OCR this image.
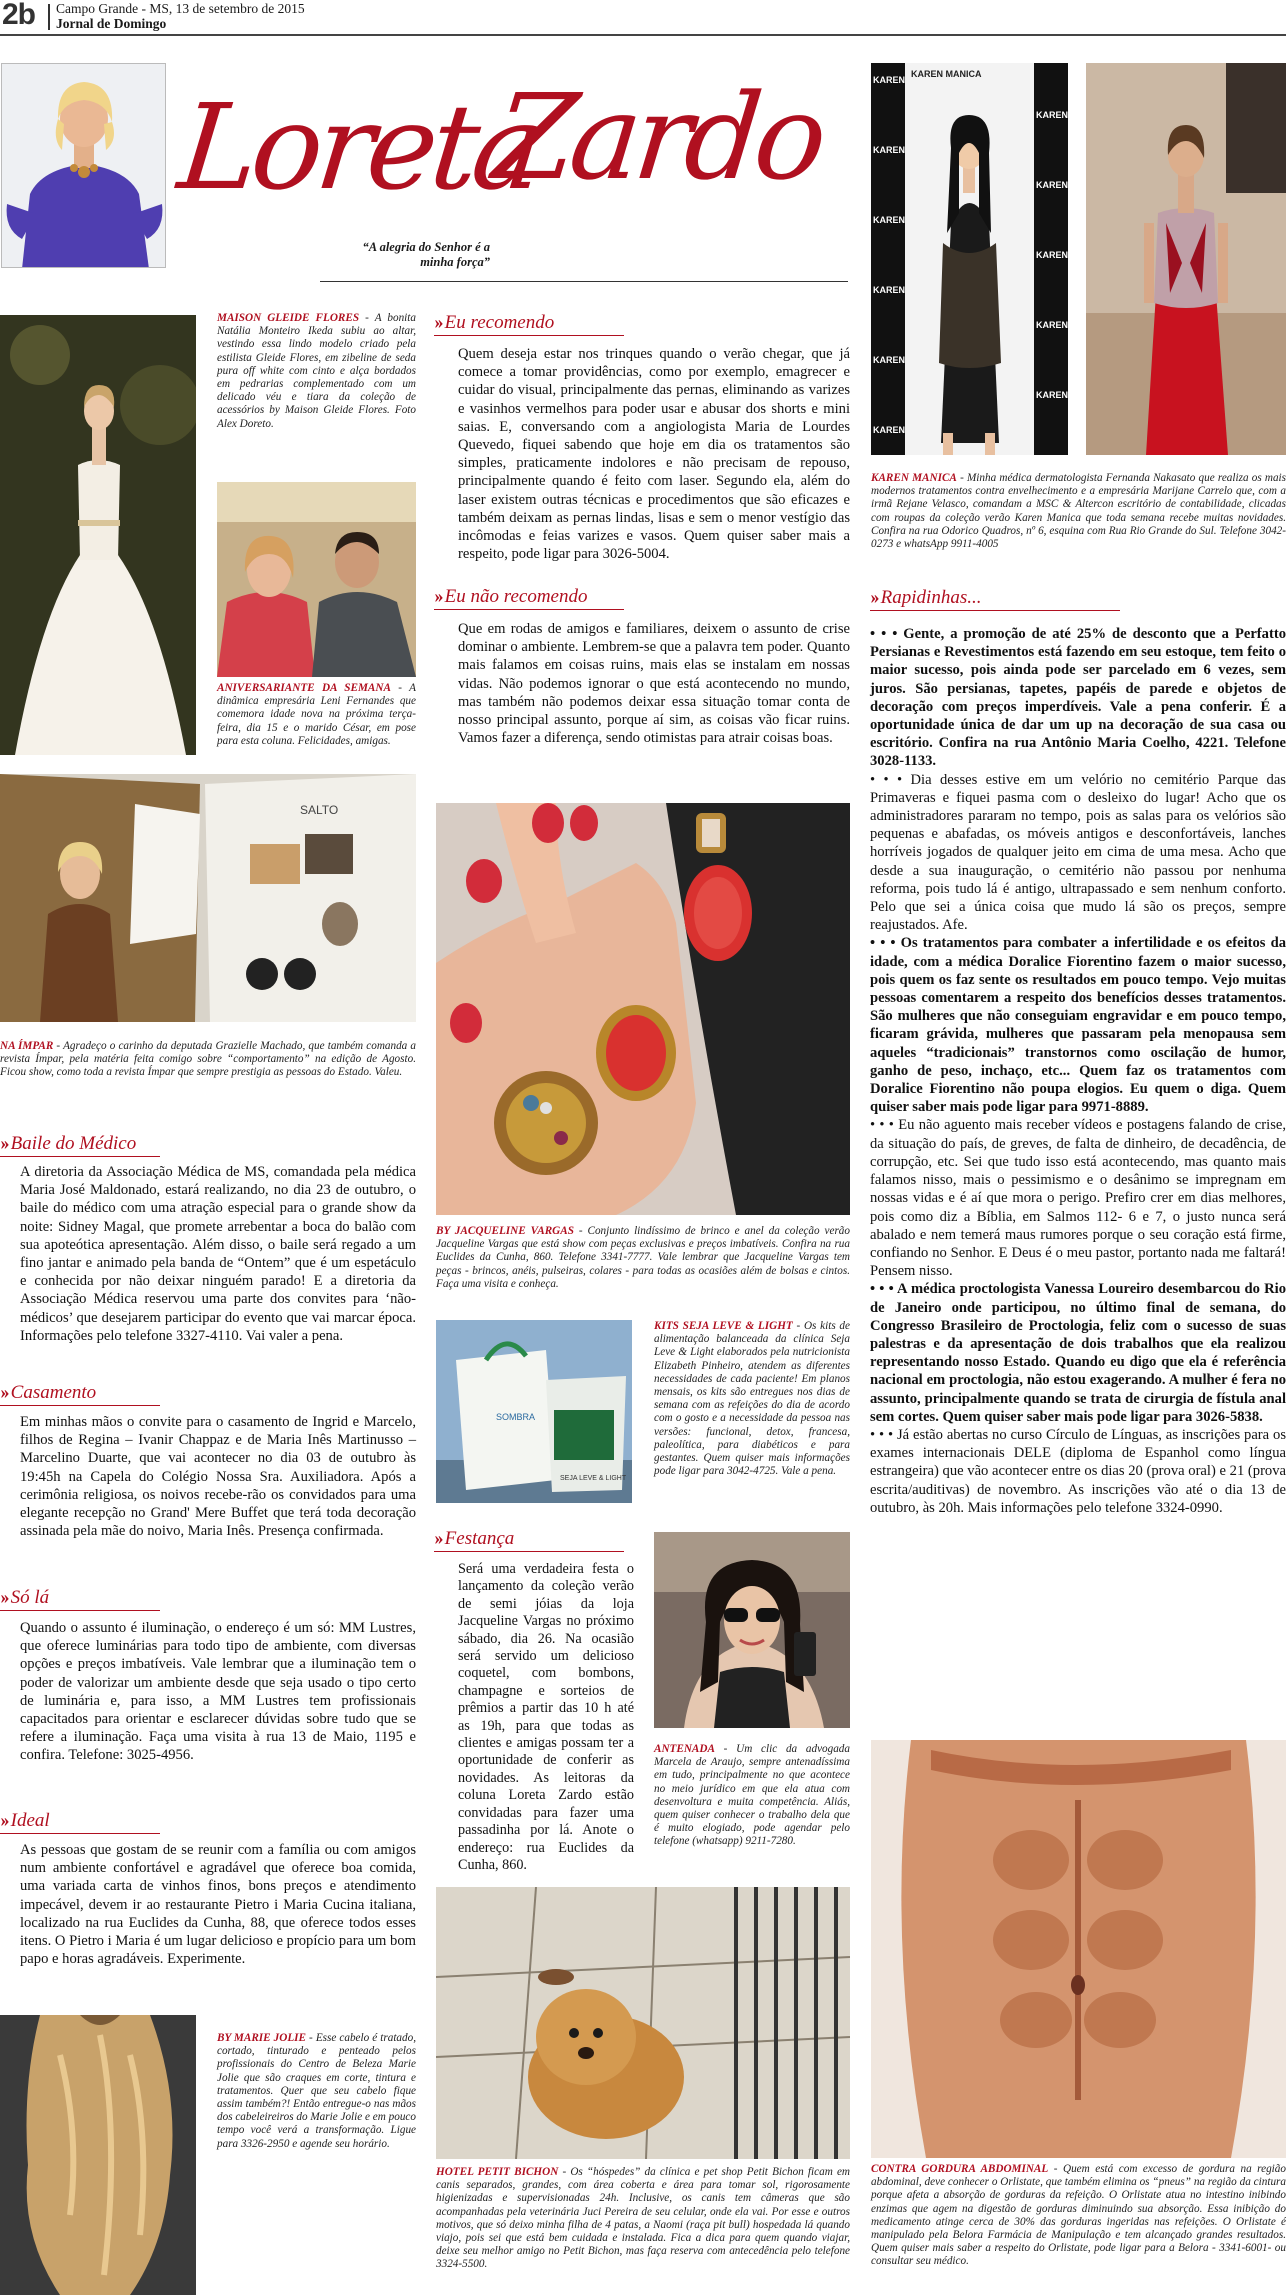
2b Campo Grande - MS, 13 de setembro de 2015
Jornal de Domingo
Loreta
Zardo
“A alegria do Senhor é a
minha força”
KAREN
KAREN
KAREN
KAREN
KAREN
KAREN
KAREN
KAREN
KAREN
KAREN
KAREN
KAREN MANICA
KAREN MANICA - Minha médica dermatologista Fernanda Nakasato que realiza os mais modernos tratamentos contra envelhecimento e a empresária Marijane Carrelo que, com a irmã Rejane Velasco, comandam a MSC & Altercon escritório de contabilidade, clicadas com roupas da coleção verão Karen Manica que toda semana recebe muitas novidades. Confira na rua Odorico Quadros, nº 6, esquina com Rua Rio Grande do Sul. Telefone 3042-0273 e whatsApp 9911-4005
MAISON GLEIDE FLORES - A bonita Natália Monteiro Ikeda subiu ao altar, vestindo essa lindo modelo criado pela estilista Gleide Flores, em zibeline de seda pura off white com cinto e alça bordados em pedrarias complementado com um delicado véu e tiara da coleção de acessórios by Maison Gleide Flores. Foto Alex Doreto.
ANIVERSARIANTE DA SEMANA - A dinâmica empresária Leni Fernandes que comemora idade nova na próxima terça-feira, dia 15 e o marido César, em pose para esta coluna. Felicidades, amigas.
SALTO
NA ÍMPAR - Agradeço o carinho da deputada Grazielle Machado, que também comanda a revista Ímpar, pela matéria feita comigo sobre “comportamento” na edição de Agosto. Ficou show, como toda a revista Ímpar que sempre prestigia as pessoas do Estado. Valeu.
›› Baile do Médico
A diretoria da Associação Médica de MS, comandada pela médica Maria José Maldonado, estará realizando, no dia 23 de outubro, o baile do médico com uma atração especial para o grande show da noite: Sidney Magal, que promete arrebentar a boca do balão com sua apoteótica apresentação. Além disso, o baile será regado a um fino jantar e animado pela banda de “Ontem” que é um espetáculo e conhecida por não deixar ninguém parado! E a diretoria da Associação Médica reservou uma parte dos convites para ‘não-médicos’ que desejarem participar do evento que vai marcar época. Informações pelo telefone 3327-4110. Vai valer a pena.
›› Casamento
Em minhas mãos o convite para o casamento de Ingrid e Marcelo, filhos de Regina – Ivanir Chappaz e de Maria Inês Martinusso – Marcelino Duarte, que vai acontecer no dia 03 de outubro às 19:45h na Capela do Colégio Nossa Sra. Auxiliadora. Após a cerimônia religiosa, os noivos recebe-rão os convidados para uma elegante recepção no Grand' Mere Buffet que terá toda decoração assinada pela mãe do noivo, Maria Inês. Presença confirmada.
›› Só lá
Quando o assunto é iluminação, o endereço é um só: MM Lustres, que oferece luminárias para todo tipo de ambiente, com diversas opções e preços imbatíveis. Vale lembrar que a iluminação tem o poder de valorizar um ambiente desde que seja usado o tipo certo de luminária e, para isso, a MM Lustres tem profissionais capacitados para orientar e esclarecer dúvidas sobre tudo que se refere a iluminação. Faça uma visita à rua 13 de Maio, 1195 e confira. Telefone: 3025-4956.
›› Ideal
As pessoas que gostam de se reunir com a família ou com amigos num ambiente confortável e agradável que oferece boa comida, uma variada carta de vinhos finos, bons preços e atendimento impecável, devem ir ao restaurante Pietro i Maria Cucina italiana, localizado na rua Euclides da Cunha, 88, que oferece todos esses itens. O Pietro i Maria é um lugar delicioso e propício para um bom papo e horas agradáveis. Experimente.
BY MARIE JOLIE - Esse cabelo é tratado, cortado, tinturado e penteado pelos profissionais do Centro de Beleza Marie Jolie que são craques em corte, tintura e tratamentos. Quer que seu cabelo fique assim também?! Então entregue-o nas mãos dos cabeleireiros do Marie Jolie e em pouco tempo você verá a transformação. Ligue para 3326-2950 e agende seu horário.
›› Eu recomendo
Quem deseja estar nos trinques quando o verão chegar, que já comece a tomar providências, como por exemplo, emagrecer e cuidar do visual, principalmente das pernas, eliminando as varizes e vasinhos vermelhos para poder usar e abusar dos shorts e mini saias. E, conversando com a angiologista Maria de Lourdes Quevedo, fiquei sabendo que hoje em dia os tratamentos são simples, praticamente indolores e não precisam de repouso, principalmente quando é feito com laser. Segundo ela, além do laser existem outras técnicas e procedimentos que são eficazes e também deixam as pernas lindas, lisas e sem o menor vestígio das incômodas e feias varizes e vasos. Quem quiser saber mais a respeito, pode ligar para 3026-5004.
›› Eu não recomendo
Que em rodas de amigos e familiares, deixem o assunto de crise dominar o ambiente. Lembrem-se que a palavra tem poder. Quanto mais falamos em coisas ruins, mais elas se instalam em nossas vidas. Não podemos ignorar o que está acontecendo no mundo, mas também não podemos deixar essa situação tomar conta de nosso principal assunto, porque aí sim, as coisas vão ficar ruins. Vamos fazer a diferença, sendo otimistas para atrair coisas boas.
BY JACQUELINE VARGAS - Conjunto lindíssimo de brinco e anel da coleção verão Jacqueline Vargas que está show com peças exclusivas e preços imbatíveis. Confira na rua Euclides da Cunha, 860. Telefone 3341-7777. Vale lembrar que Jacqueline Vargas tem peças - brincos, anéis, pulseiras, colares - para todas as ocasiões além de bolsas e cintos. Faça uma visita e conheça.
SEJA LEVE & LIGHT
SOMBRA
KITS SEJA LEVE & LIGHT - Os kits de alimentação balanceada da clínica Seja Leve & Light elaborados pela nutricionista Elizabeth Pinheiro, atendem as diferentes necessidades de cada paciente! Em planos mensais, os kits são entregues nos dias de semana com as refeições do dia de acordo com o gosto e a necessidade da pessoa nas versões: funcional, detox, francesa, paleolítica, para diabéticos e para gestantes. Quem quiser mais informações pode ligar para 3042-4725. Vale a pena.
›› Festança
Será uma verdadeira festa o lançamento da coleção verão de semi jóias da loja Jacqueline Vargas no próximo sábado, dia 26. Na ocasião será servido um delicioso coquetel, com bombons, champagne e sorteios de prêmios a partir das 10 h até as 19h, para que todas as clientes e amigas possam ter a oportunidade de conferir as novidades. As leitoras da coluna Loreta Zardo estão convidadas para fazer uma passadinha por lá. Anote o endereço: rua Euclides da Cunha, 860.
ANTENADA - Um clic da advogada Marcela de Araujo, sempre antenadíssima em tudo, principalmente no que acontece no meio jurídico em que ela atua com desenvoltura e muita competência. Aliás, quem quiser conhecer o trabalho dela que é muito elogiado, pode agendar pelo telefone (whatsapp) 9211-7280.
HOTEL PETIT BICHON - Os “hóspedes” da clínica e pet shop Petit Bichon ficam em canis separados, grandes, com área coberta e área para tomar sol, rigorosamente higienizadas e supervisionadas 24h. Inclusive, os canis tem câmeras que são acompanhadas pela veterinária Juci Pereira de seu celular, onde ela vai. Por esse e outros motivos, que só deixo minha filha de 4 patas, a Naomi (raça pit bull) hospedada lá quando viajo, pois sei que está bem cuidada e instalada. Fica a dica para quem quando viajar, deixe seu melhor amigo no Petit Bichon, mas faça reserva com antecedência pelo telefone 3324-5500.
›› Rapidinhas...

• • • Gente, a promoção de até 25% de desconto que a Perfatto Persianas e Revestimentos está fazendo em seu estoque, tem feito o maior sucesso, pois ainda pode ser parcelado em 6 vezes, sem juros. São persianas, tapetes, papéis de parede e objetos de decoração com preços imperdíveis. Vale a pena conferir. É a oportunidade única de dar um up na decoração de sua casa ou escritório. Confira na rua Antônio Maria Coelho, 4221. Telefone 3028-1133.

• • • Dia desses estive em um velório no cemitério Parque das Primaveras e fiquei pasma com o desleixo do lugar! Acho que os administradores pararam no tempo, pois as salas para os velórios são pequenas e abafadas, os móveis antigos e desconfortáveis, lanches horríveis jogados de qualquer jeito em cima de uma mesa. Acho que desde a sua inauguração, o cemitério não passou por nenhuma reforma, pois tudo lá é antigo, ultrapassado e sem nenhum conforto. Pelo que sei a única coisa que mudo lá são os preços, sempre reajustados. Afe.

• • • Os tratamentos para combater a infertilidade e os efeitos da idade, com a médica Doralice Fiorentino fazem o maior sucesso, pois quem os faz sente os resultados em pouco tempo. Vejo muitas pessoas comentarem a respeito dos benefícios desses tratamentos. São mulheres que não conseguiam engravidar e em pouco tempo, ficaram grávida, mulheres que passaram pela menopausa sem aqueles “tradicionais” transtornos como oscilação de humor, ganho de peso, inchaço, etc... Quem faz os tratamentos com Doralice Fiorentino não poupa elogios. Eu quem o diga. Quem quiser saber mais pode ligar para 9971-8889.

• • • Eu não aguento mais receber vídeos e postagens falando de crise, da situação do país, de greves, de falta de dinheiro, de decadência, de corrupção, etc. Sei que tudo isso está acontecendo, mas quanto mais falamos nisso, mais o pessimismo e o desânimo se impregnam em nossas vidas e é aí que mora o perigo. Prefiro crer em dias melhores, pois como diz a Bíblia, em Salmos 112- 6 e 7, o justo nunca será abalado e nem temerá maus rumores porque o seu coração está firme, confiando no Senhor. E Deus é o meu pastor, portanto nada me faltará! Pensem nisso.

• • • A médica proctologista Vanessa Loureiro desembarcou do Rio de Janeiro onde participou, no último final de semana, do Congresso Brasileiro de Proctologia, feliz com o sucesso de suas palestras e da apresentação de dois trabalhos que ela realizou representando nosso Estado. Quando eu digo que ela é referência nacional em proctologia, não estou exagerando. A mulher é fera no assunto, principalmente quando se trata de cirurgia de fístula anal sem cortes. Quem quiser saber mais pode ligar para 3026-5838.

• • • Já estão abertas no curso Círculo de Línguas, as inscrições para os exames internacionais DELE (diploma de Espanhol como língua estrangeira) que vão acontecer entre os dias 20 (prova oral) e 21 (prova escrita/auditivas) de novembro. As inscrições vão até o dia 13 de outubro, às 20h. Mais informações pelo telefone 3324-0990.

CONTRA GORDURA ABDOMINAL - Quem está com excesso de gordura na região abdominal, deve conhecer o Orlistate, que também elimina os “pneus” na região da cintura porque afeta a absorção de gorduras da refeição. O Orlistate atua no intestino inibindo enzimas que agem na digestão de gorduras diminuindo sua absorção. Essa inibição do medicamento atinge cerca de 30% das gorduras ingeridas nas refeições. O Orlistate é manipulado pela Belora Farmácia de Manipulação e tem alcançado grandes resultados. Quem quiser mais saber a respeito do Orlistate, pode ligar para a Belora - 3341-6001- ou consultar seu médico.
